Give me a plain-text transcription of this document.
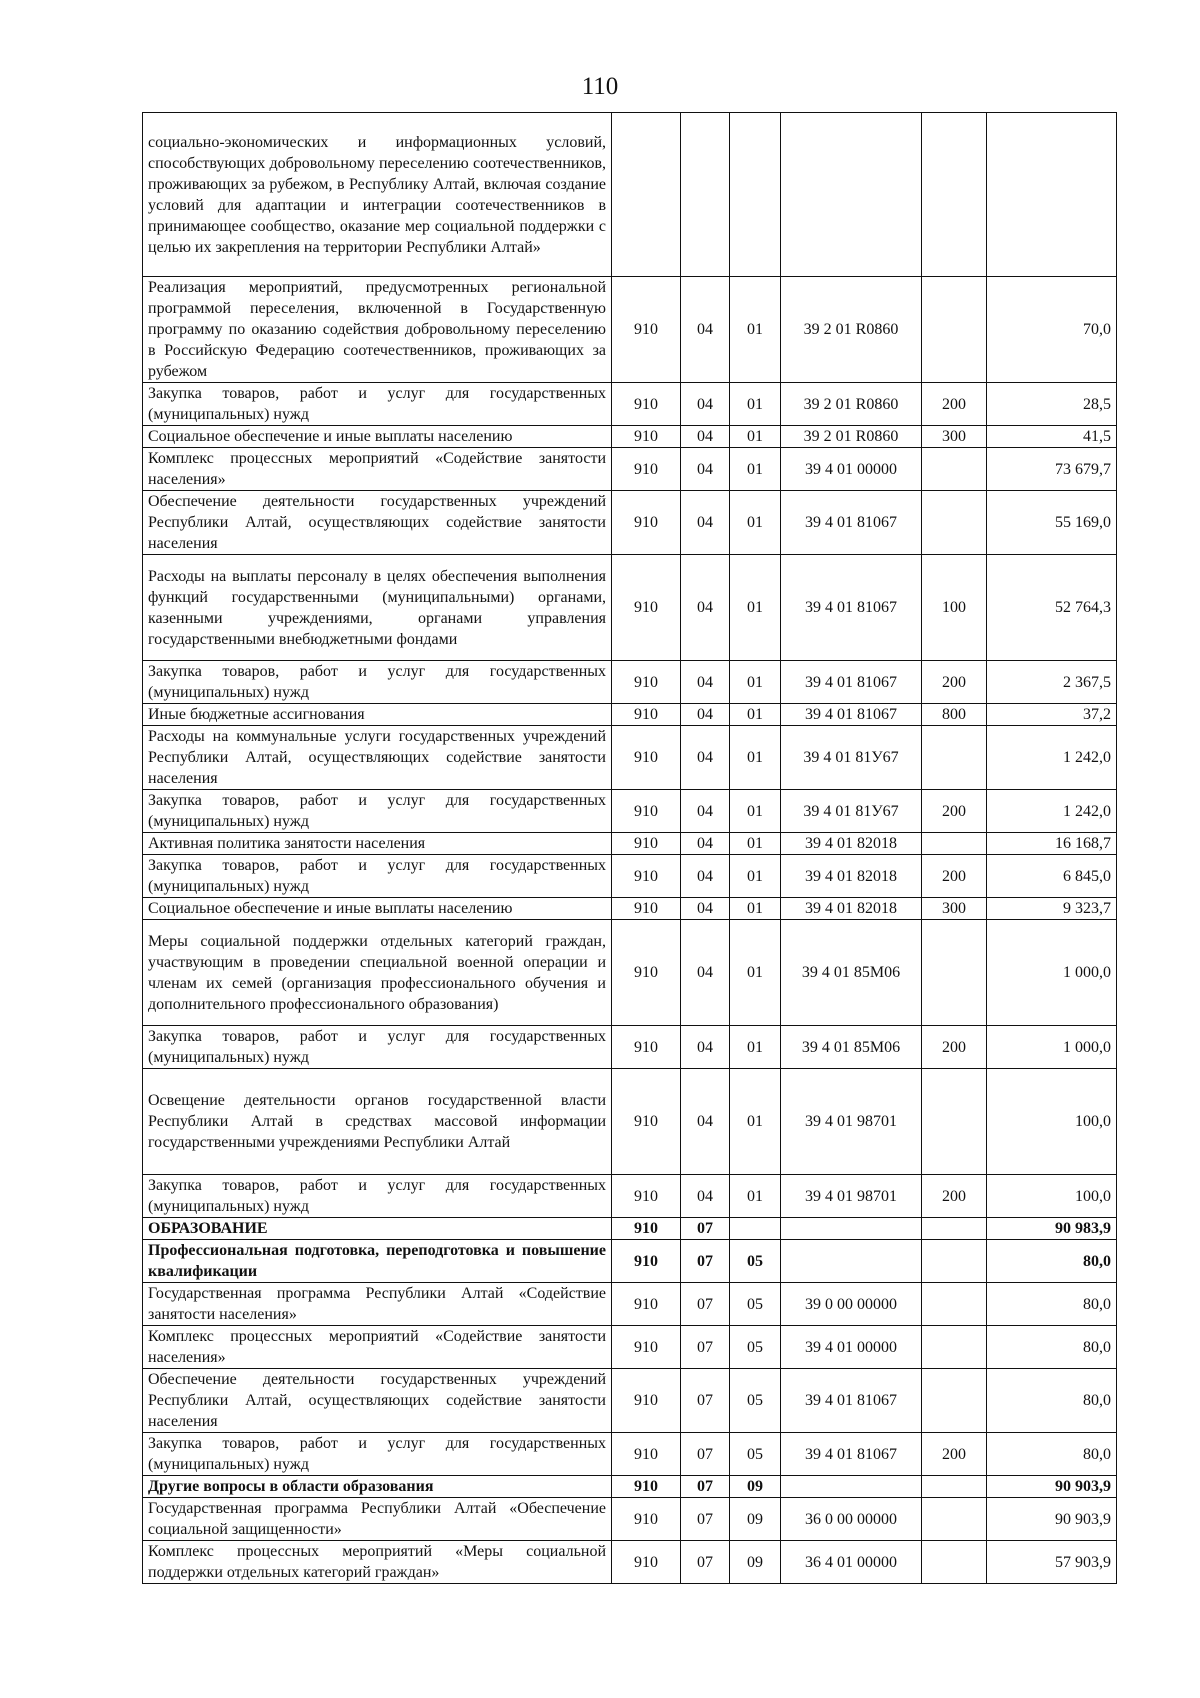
110
социально-экономических и информационных условий, способствующих добровольному переселению соотечественников, проживающих за рубежом, в Республику Алтай, включая создание условий для адаптации и интеграции соотечественников в принимающее сообщество, оказание мер социальной поддержки с целью их закрепления на территории Республики Алтай»						
Реализация мероприятий, предусмотренных региональной программой переселения, включенной в Государственную программу по оказанию содействия добровольному переселению в Российскую Федерацию соотечественников, проживающих за рубежом	910	04	01	39 2 01 R0860		70,0
Закупка товаров, работ и услуг для государственных (муниципальных) нужд	910	04	01	39 2 01 R0860	200	28,5
Социальное обеспечение и иные выплаты населению	910	04	01	39 2 01 R0860	300	41,5
Комплекс процессных мероприятий «Содействие занятости населения»	910	04	01	39 4 01 00000		73 679,7
Обеспечение деятельности государственных учреждений Республики Алтай, осуществляющих содействие занятости населения	910	04	01	39 4 01 81067		55 169,0
Расходы на выплаты персоналу в целях обеспечения выполнения функций государственными (муниципальными) органами, казенными учреждениями, органами управления государственными внебюджетными фондами	910	04	01	39 4 01 81067	100	52 764,3
Закупка товаров, работ и услуг для государственных (муниципальных) нужд	910	04	01	39 4 01 81067	200	2 367,5
Иные бюджетные ассигнования	910	04	01	39 4 01 81067	800	37,2
Расходы на коммунальные услуги государственных учреждений Республики Алтай, осуществляющих содействие занятости населения	910	04	01	39 4 01 81У67		1 242,0
Закупка товаров, работ и услуг для государственных (муниципальных) нужд	910	04	01	39 4 01 81У67	200	1 242,0
Активная политика занятости населения	910	04	01	39 4 01 82018		16 168,7
Закупка товаров, работ и услуг для государственных (муниципальных) нужд	910	04	01	39 4 01 82018	200	6 845,0
Социальное обеспечение и иные выплаты населению	910	04	01	39 4 01 82018	300	9 323,7
Меры социальной поддержки отдельных категорий граждан, участвующим в проведении специальной военной операции и членам их семей (организация профессионального обучения и дополнительного профессионального образования)	910	04	01	39 4 01 85М06		1 000,0
Закупка товаров, работ и услуг для государственных (муниципальных) нужд	910	04	01	39 4 01 85М06	200	1 000,0
Освещение деятельности органов государственной власти Республики Алтай в средствах массовой информации государственными учреждениями Республики Алтай	910	04	01	39 4 01 98701		100,0
Закупка товаров, работ и услуг для государственных (муниципальных) нужд	910	04	01	39 4 01 98701	200	100,0
ОБРАЗОВАНИЕ	910	07				90 983,9
Профессиональная подготовка, переподготовка и повышение квалификации	910	07	05			80,0
Государственная программа Республики Алтай «Содействие занятости населения»	910	07	05	39 0 00 00000		80,0
Комплекс процессных мероприятий «Содействие занятости населения»	910	07	05	39 4 01 00000		80,0
Обеспечение деятельности государственных учреждений Республики Алтай, осуществляющих содействие занятости населения	910	07	05	39 4 01 81067		80,0
Закупка товаров, работ и услуг для государственных (муниципальных) нужд	910	07	05	39 4 01 81067	200	80,0
Другие вопросы в области образования	910	07	09			90 903,9
Государственная программа Республики Алтай «Обеспечение социальной защищенности»	910	07	09	36 0 00 00000		90 903,9
Комплекс процессных мероприятий «Меры социальной поддержки отдельных категорий граждан»	910	07	09	36 4 01 00000		57 903,9
